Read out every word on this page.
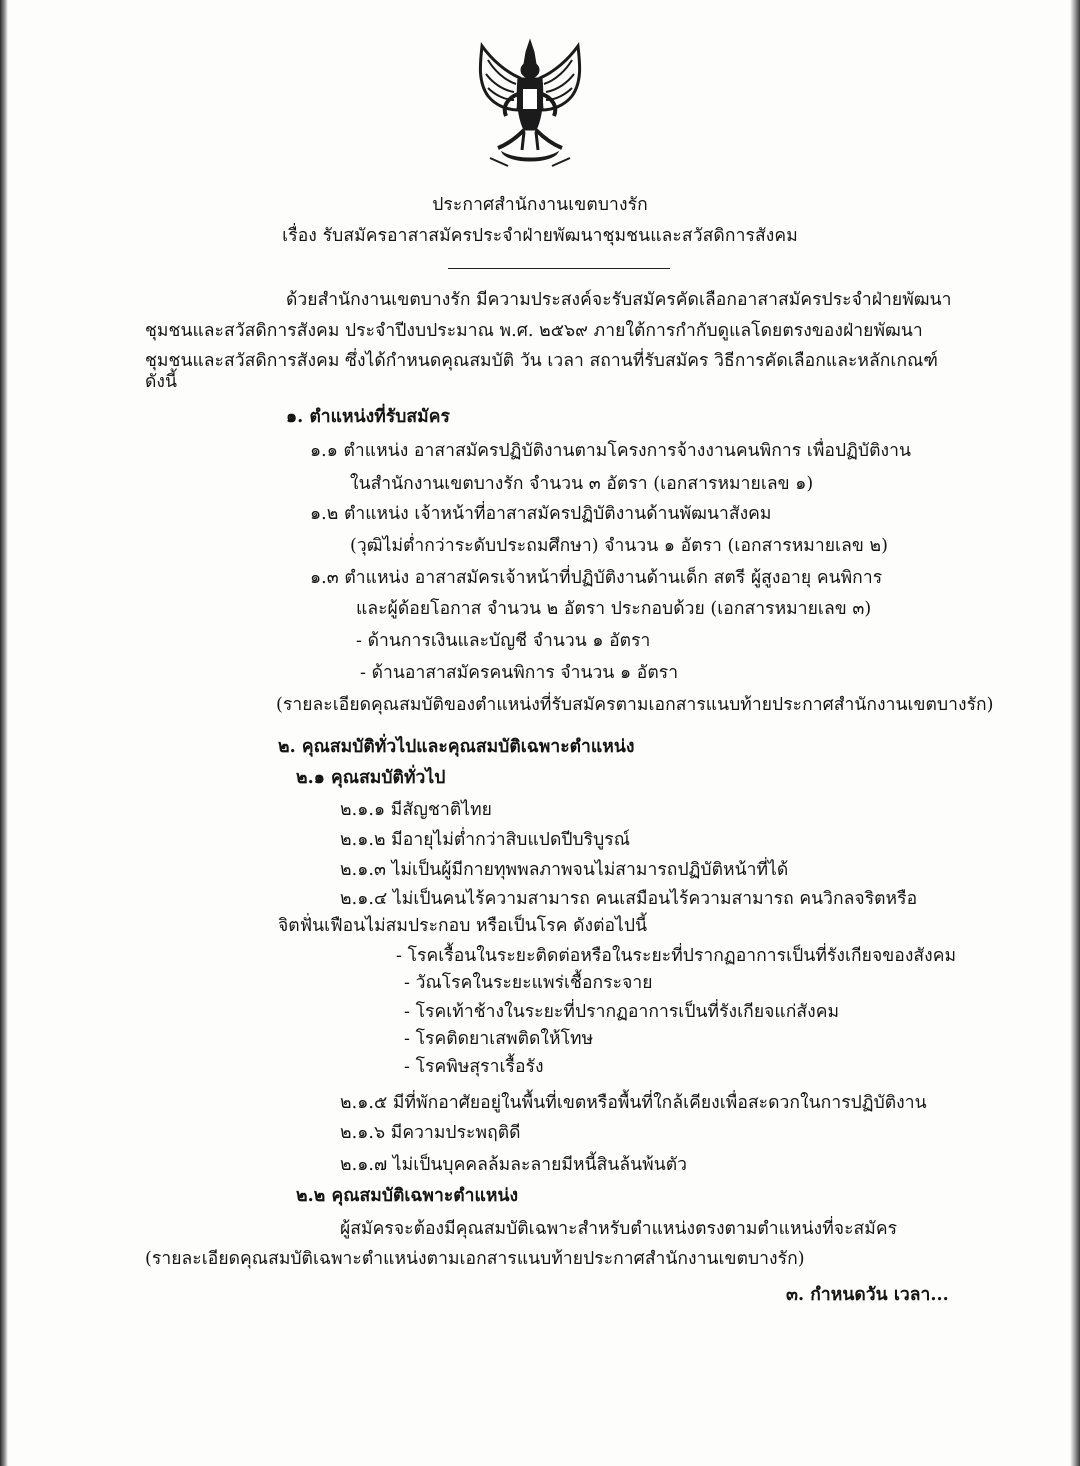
ประกาศสำนักงานเขตบางรัก
เรื่อง รับสมัครอาสาสมัครประจำฝ่ายพัฒนาชุมชนและสวัสดิการสังคม
ด้วยสำนักงานเขตบางรัก มีความประสงค์จะรับสมัครคัดเลือกอาสาสมัครประจำฝ่ายพัฒนา
ชุมชนและสวัสดิการสังคม ประจำปีงบประมาณ พ.ศ. ๒๕๖๙ ภายใต้การกำกับดูแลโดยตรงของฝ่ายพัฒนา
ชุมชนและสวัสดิการสังคม ซึ่งได้กำหนดคุณสมบัติ วัน เวลา สถานที่รับสมัคร วิธีการคัดเลือกและหลักเกณฑ์
ดังนี้
๑. ตำแหน่งที่รับสมัคร
๑.๑ ตำแหน่ง อาสาสมัครปฏิบัติงานตามโครงการจ้างงานคนพิการ เพื่อปฏิบัติงาน
ในสำนักงานเขตบางรัก จำนวน ๓ อัตรา (เอกสารหมายเลข ๑)
๑.๒ ตำแหน่ง เจ้าหน้าที่อาสาสมัครปฏิบัติงานด้านพัฒนาสังคม
(วุฒิไม่ต่ำกว่าระดับประถมศึกษา) จำนวน ๑ อัตรา (เอกสารหมายเลข ๒)
๑.๓ ตำแหน่ง อาสาสมัครเจ้าหน้าที่ปฏิบัติงานด้านเด็ก สตรี ผู้สูงอายุ คนพิการ
และผู้ด้อยโอกาส จำนวน ๒ อัตรา ประกอบด้วย (เอกสารหมายเลข ๓)
- ด้านการเงินและบัญชี จำนวน ๑ อัตรา
- ด้านอาสาสมัครคนพิการ จำนวน ๑ อัตรา
(รายละเอียดคุณสมบัติของตำแหน่งที่รับสมัครตามเอกสารแนบท้ายประกาศสำนักงานเขตบางรัก)
๒. คุณสมบัติทั่วไปและคุณสมบัติเฉพาะตำแหน่ง
๒.๑ คุณสมบัติทั่วไป
๒.๑.๑ มีสัญชาติไทย
๒.๑.๒ มีอายุไม่ต่ำกว่าสิบแปดปีบริบูรณ์
๒.๑.๓ ไม่เป็นผู้มีกายทุพพลภาพจนไม่สามารถปฏิบัติหน้าที่ได้
๒.๑.๔ ไม่เป็นคนไร้ความสามารถ คนเสมือนไร้ความสามารถ คนวิกลจริตหรือ
จิตฟั่นเฟือนไม่สมประกอบ หรือเป็นโรค ดังต่อไปนี้
- โรคเรื้อนในระยะติดต่อหรือในระยะที่ปรากฏอาการเป็นที่รังเกียจของสังคม
- วัณโรคในระยะแพร่เชื้อกระจาย
- โรคเท้าช้างในระยะที่ปรากฏอาการเป็นที่รังเกียจแก่สังคม
- โรคติดยาเสพติดให้โทษ
- โรคพิษสุราเรื้อรัง
๒.๑.๕ มีที่พักอาศัยอยู่ในพื้นที่เขตหรือพื้นที่ใกล้เคียงเพื่อสะดวกในการปฏิบัติงาน
๒.๑.๖ มีความประพฤติดี
๒.๑.๗ ไม่เป็นบุคคลล้มละลายมีหนี้สินล้นพ้นตัว
๒.๒ คุณสมบัติเฉพาะตำแหน่ง
ผู้สมัครจะต้องมีคุณสมบัติเฉพาะสำหรับตำแหน่งตรงตามตำแหน่งที่จะสมัคร
(รายละเอียดคุณสมบัติเฉพาะตำแหน่งตามเอกสารแนบท้ายประกาศสำนักงานเขตบางรัก)
๓. กำหนดวัน เวลา...
